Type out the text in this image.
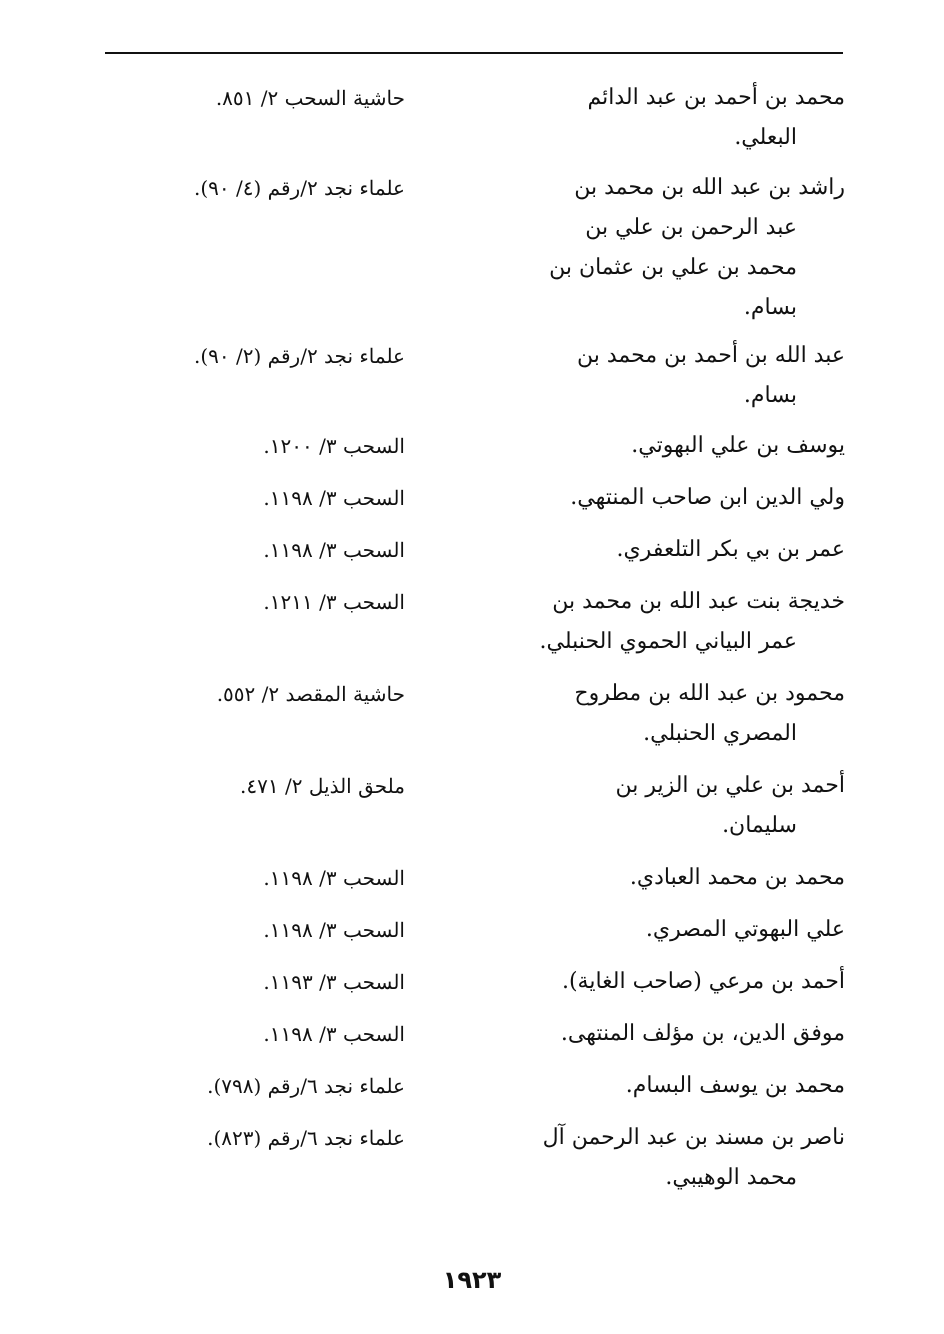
محمد بن أحمد بن عبد الدائم
البعلي.
حاشية السحب ٢/ ٨٥١.
راشد بن عبد الله بن محمد بن
عبد الرحمن بن علي بن
محمد بن علي بن عثمان بن
بسام.
علماء نجد ٢/رقم (٤/ ٩٠).
عبد الله بن أحمد بن محمد بن
بسام.
علماء نجد ٢/رقم (٢/ ٩٠).
يوسف بن علي البهوتي.
السحب ٣/ ١٢٠٠.
ولي الدين ابن صاحب المنتهي.
السحب ٣/ ١١٩٨.
عمر بن بي بكر التلعفري.
السحب ٣/ ١١٩٨.
خديجة بنت عبد الله بن محمد بن
عمر البياني الحموي الحنبلي.
السحب ٣/ ١٢١١.
محمود بن عبد الله بن مطروح
المصري الحنبلي.
حاشية المقصد ٢/ ٥٥٢.
أحمد بن علي بن الزير بن
سليمان.
ملحق الذيل ٢/ ٤٧١.
محمد بن محمد العبادي.
السحب ٣/ ١١٩٨.
علي البهوتي المصري.
السحب ٣/ ١١٩٨.
أحمد بن مرعي (صاحب الغاية).
السحب ٣/ ١١٩٣.
موفق الدين، بن مؤلف المنتهى.
السحب ٣/ ١١٩٨.
محمد بن يوسف البسام.
علماء نجد ٦/رقم (٧٩٨).
ناصر بن مسند بن عبد الرحمن آل
محمد الوهيبي.
علماء نجد ٦/رقم (٨٢٣).
١٩٢٣
